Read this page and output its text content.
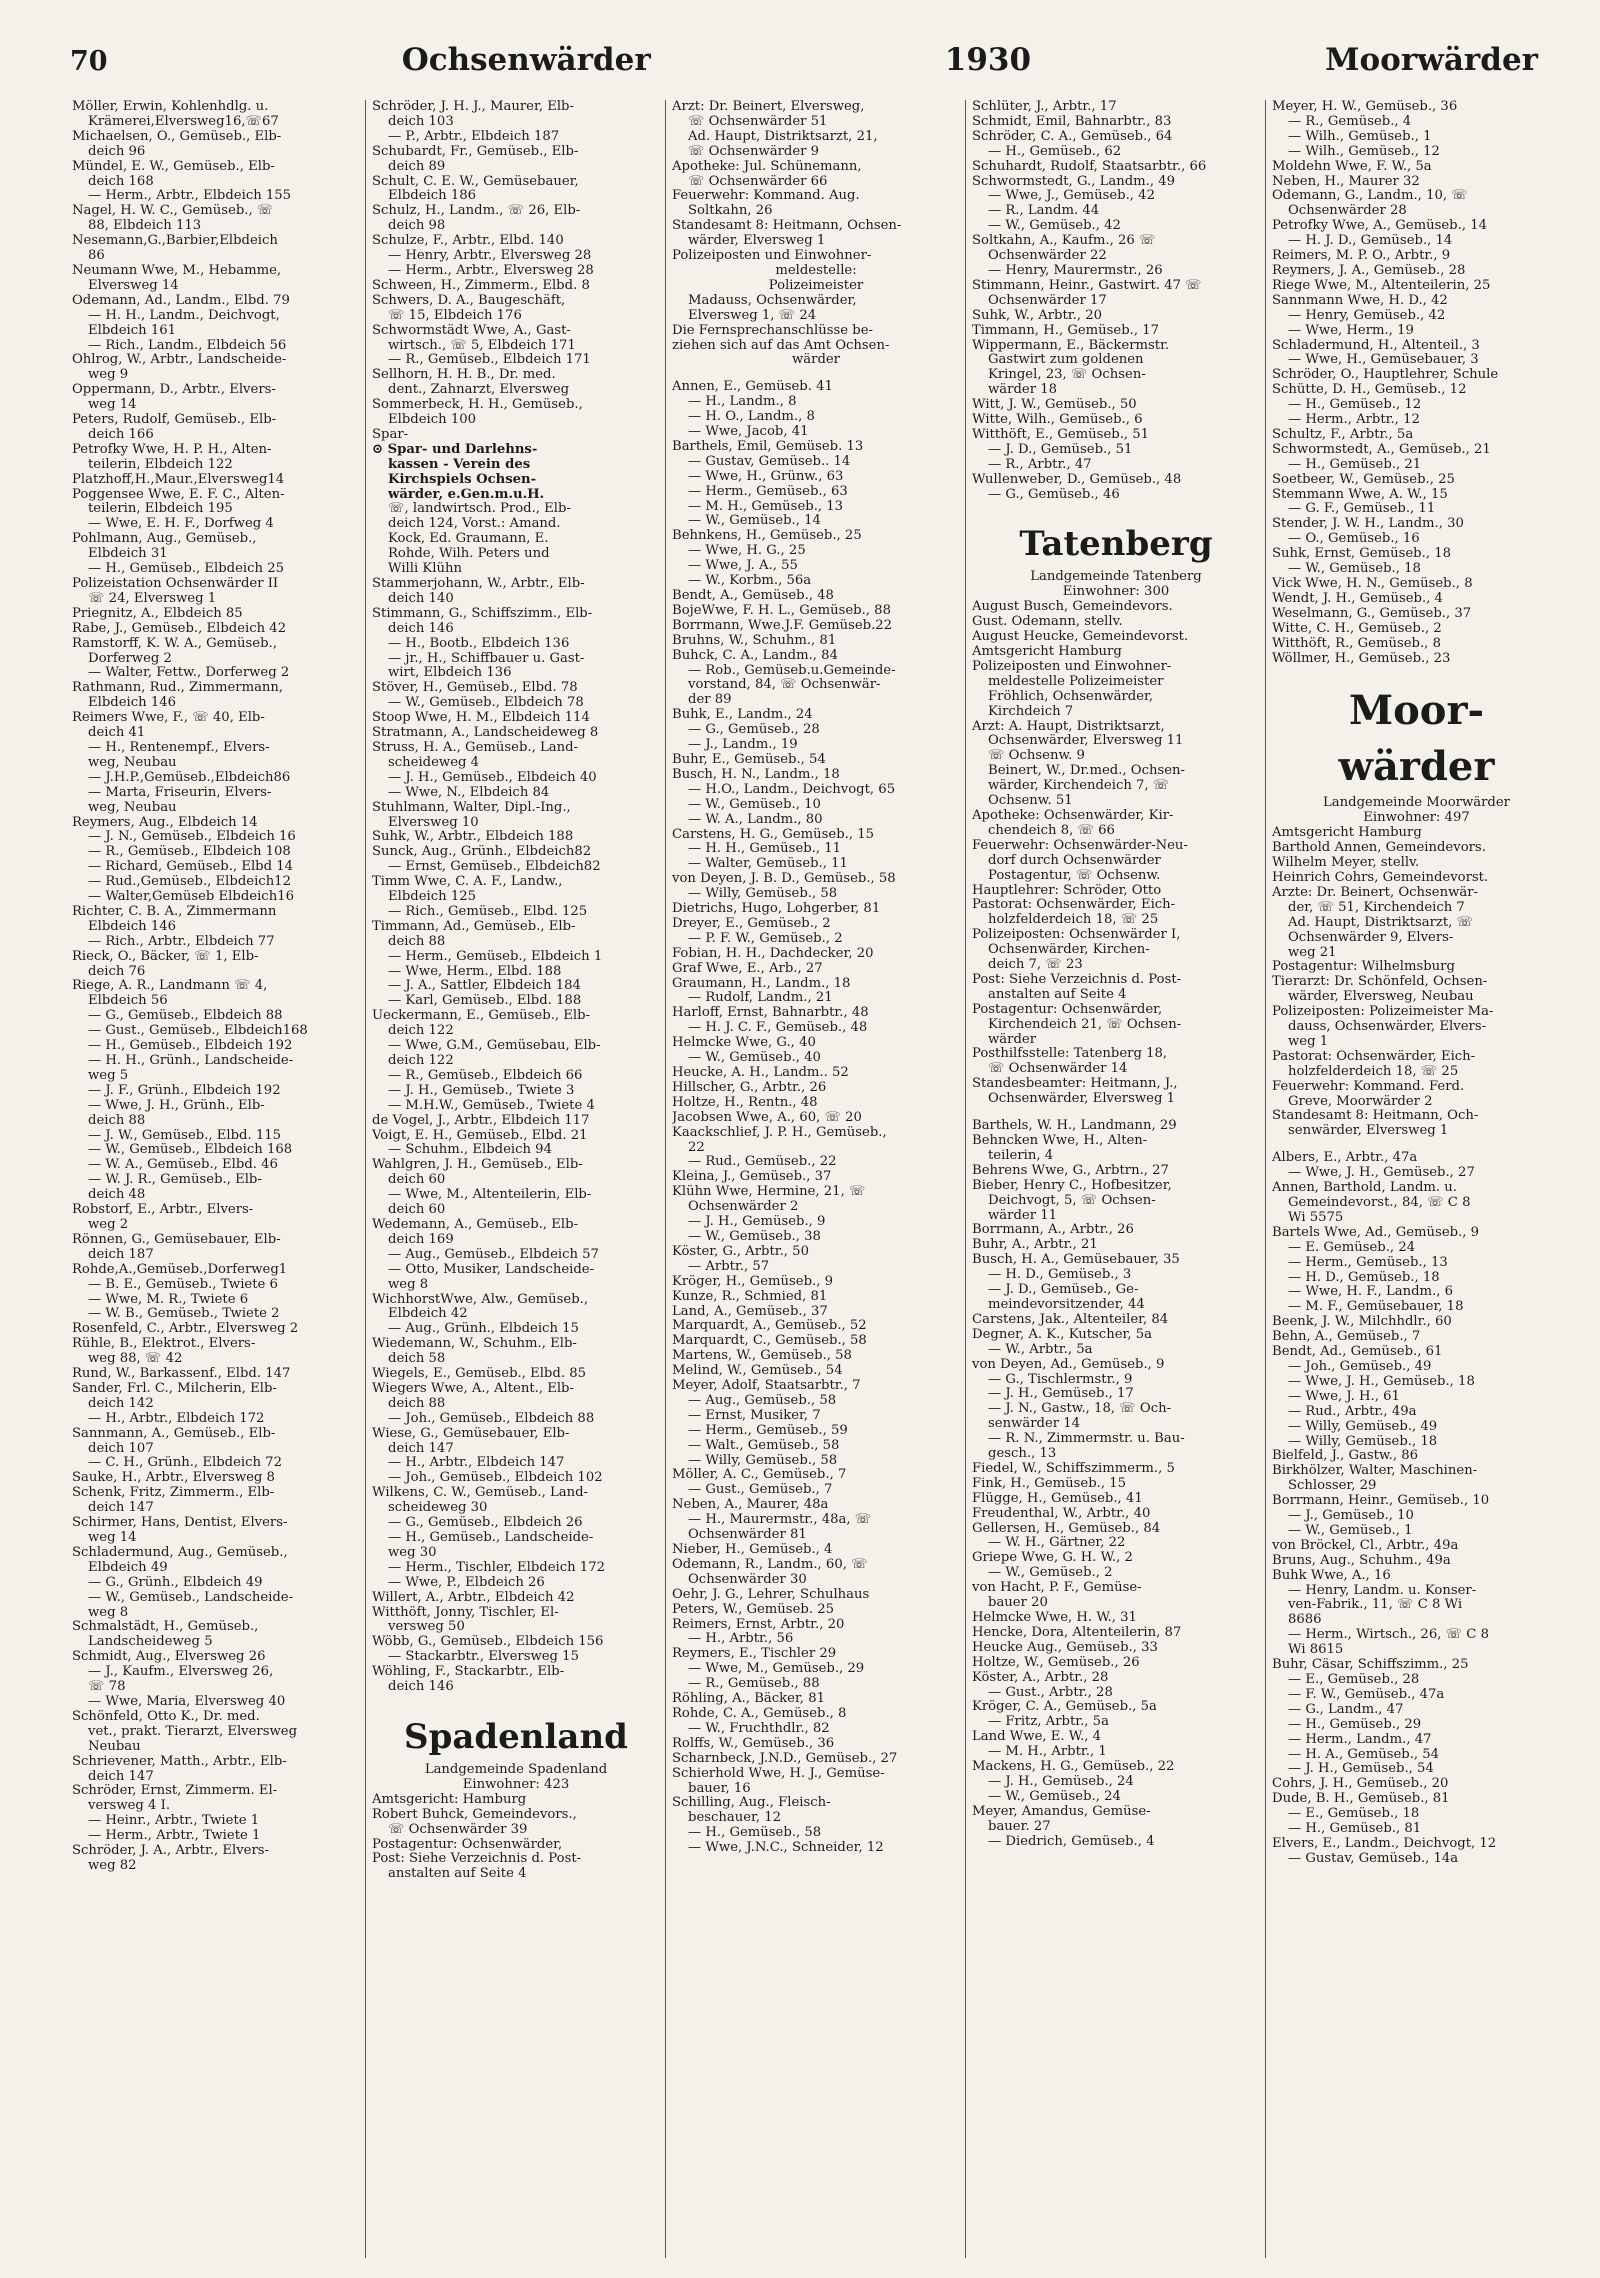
70	Ochsenwärder	1930	Moorwärder
Möller, Erwin, Kohlenhdlg. u.
Krämerei,Elversweg16,☏67
Michaelsen, O., Gemüseb., Elb-
deich 96
Mündel, E. W., Gemüseb., Elb-
deich 168
— Herm., Arbtr., Elbdeich 155
Nagel, H. W. C., Gemüseb., ☏
88, Elbdeich 113
Nesemann,G.,Barbier,Elbdeich
86
Neumann Wwe, M., Hebamme,
Elversweg 14
Odemann, Ad., Landm., Elbd. 79
— H. H., Landm., Deichvogt,
Elbdeich 161
— Rich., Landm., Elbdeich 56
Ohlrog, W., Arbtr., Landscheide-
weg 9
Oppermann, D., Arbtr., Elvers-
weg 14
Peters, Rudolf, Gemüseb., Elb-
deich 166
Petrofky Wwe, H. P. H., Alten-
teilerin, Elbdeich 122
Platzhoff,H.,Maur.,Elversweg14
Poggensee Wwe, E. F. C., Alten-
teilerin, Elbdeich 195
— Wwe, E. H. F., Dorfweg 4
Pohlmann, Aug., Gemüseb.,
Elbdeich 31
— H., Gemüseb., Elbdeich 25
Polizeistation Ochsenwärder II
☏ 24, Elversweg 1
Priegnitz, A., Elbdeich 85
Rabe, J., Gemüseb., Elbdeich 42
Ramstorff, K. W. A., Gemüseb.,
Dorferweg 2
— Walter, Fettw., Dorferweg 2
Rathmann, Rud., Zimmermann,
Elbdeich 146
Reimers Wwe, F., ☏ 40, Elb-
deich 41
— H., Rentenempf., Elvers-
weg, Neubau
— J.H.P.,Gemüseb.,Elbdeich86
— Marta, Friseurin, Elvers-
weg, Neubau
Reymers, Aug., Elbdeich 14
— J. N., Gemüseb., Elbdeich 16
— R., Gemüseb., Elbdeich 108
— Richard, Gemüseb., Elbd 14
— Rud.,Gemüseb., Elbdeich12
— Walter,Gemüseb Elbdeich16
Richter, C. B. A., Zimmermann
Elbdeich 146
— Rich., Arbtr., Elbdeich 77
Rieck, O., Bäcker, ☏ 1, Elb-
deich 76
Riege, A. R., Landmann ☏ 4,
Elbdeich 56
— G., Gemüseb., Elbdeich 88
— Gust., Gemüseb., Elbdeich168
— H., Gemüseb., Elbdeich 192
— H. H., Grünh., Landscheide-
weg 5
— J. F., Grünh., Elbdeich 192
— Wwe, J. H., Grünh., Elb-
deich 88
— J. W., Gemüseb., Elbd. 115
— W., Gemüseb., Elbdeich 168
— W. A., Gemüseb., Elbd. 46
— W. J. R., Gemüseb., Elb-
deich 48
Robstorf, E., Arbtr., Elvers-
weg 2
Rönnen, G., Gemüsebauer, Elb-
deich 187
Rohde,A.,Gemüseb.,Dorferweg1
— B. E., Gemüseb., Twiete 6
— Wwe, M. R., Twiete 6
— W. B., Gemüseb., Twiete 2
Rosenfeld, C., Arbtr., Elversweg 2
Rühle, B., Elektrot., Elvers-
weg 88, ☏ 42
Rund, W., Barkassenf., Elbd. 147
Sander, Frl. C., Milcherin, Elb-
deich 142
— H., Arbtr., Elbdeich 172
Sannmann, A., Gemüseb., Elb-
deich 107
— C. H., Grünh., Elbdeich 72
Sauke, H., Arbtr., Elversweg 8
Schenk, Fritz, Zimmerm., Elb-
deich 147
Schirmer, Hans, Dentist, Elvers-
weg 14
Schladermund, Aug., Gemüseb.,
Elbdeich 49
— G., Grünh., Elbdeich 49
— W., Gemüseb., Landscheide-
weg 8
Schmalstädt, H., Gemüseb.,
Landscheideweg 5
Schmidt, Aug., Elversweg 26
— J., Kaufm., Elversweg 26,
☏ 78
— Wwe, Maria, Elversweg 40
Schönfeld, Otto K., Dr. med.
vet., prakt. Tierarzt, Elversweg
Neubau
Schrievener, Matth., Arbtr., Elb-
deich 147
Schröder, Ernst, Zimmerm. El-
versweg 4 I.
— Heinr., Arbtr., Twiete 1
— Herm., Arbtr., Twiete 1
Schröder, J. A., Arbtr., Elvers-
weg 82
Schröder, J. H. J., Maurer, Elb-
deich 103
— P., Arbtr., Elbdeich 187
Schubardt, Fr., Gemüseb., Elb-
deich 89
Schult, C. E. W., Gemüsebauer,
Elbdeich 186
Schulz, H., Landm., ☏ 26, Elb-
deich 98
Schulze, F., Arbtr., Elbd. 140
— Henry, Arbtr., Elversweg 28
— Herm., Arbtr., Elversweg 28
Schween, H., Zimmerm., Elbd. 8
Schwers, D. A., Baugeschäft,
☏ 15, Elbdeich 176
Schwormstädt Wwe, A., Gast-
wirtsch., ☏ 5, Elbdeich 171
— R., Gemüseb., Elbdeich 171
Sellhorn, H. H. B., Dr. med.
dent., Zahnarzt, Elversweg
Sommerbeck, H. H., Gemüseb.,
Elbdeich 100
Spar-
⊙ Spar- und Darlehns-
kassen - Verein des
Kirchspiels Ochsen-
wärder, e.Gen.m.u.H.
☏, landwirtsch. Prod., Elb-
deich 124, Vorst.: Amand.
Kock, Ed. Graumann, E.
Rohde, Wilh. Peters und
Willi Klühn
Stammerjohann, W., Arbtr., Elb-
deich 140
Stimmann, G., Schiffszimm., Elb-
deich 146
— H., Bootb., Elbdeich 136
— jr., H., Schiffbauer u. Gast-
wirt, Elbdeich 136
Stöver, H., Gemüseb., Elbd. 78
— W., Gemüseb., Elbdeich 78
Stoop Wwe, H. M., Elbdeich 114
Stratmann, A., Landscheideweg 8
Struss, H. A., Gemüseb., Land-
scheideweg 4
— J. H., Gemüseb., Elbdeich 40
— Wwe, N., Elbdeich 84
Stuhlmann, Walter, Dipl.-Ing.,
Elversweg 10
Suhk, W., Arbtr., Elbdeich 188
Sunck, Aug., Grünh., Elbdeich82
— Ernst, Gemüseb., Elbdeich82
Timm Wwe, C. A. F., Landw.,
Elbdeich 125
— Rich., Gemüseb., Elbd. 125
Timmann, Ad., Gemüseb., Elb-
deich 88
— Herm., Gemüseb., Elbdeich 1
— Wwe, Herm., Elbd. 188
— J. A., Sattler, Elbdeich 184
— Karl, Gemüseb., Elbd. 188
Ueckermann, E., Gemüseb., Elb-
deich 122
— Wwe, G.M., Gemüsebau, Elb-
deich 122
— R., Gemüseb., Elbdeich 66
— J. H., Gemüseb., Twiete 3
— M.H.W., Gemüseb., Twiete 4
de Vogel, J., Arbtr., Elbdeich 117
Voigt, E. H., Gemüseb., Elbd. 21
— Schuhm., Elbdeich 94
Wahlgren, J. H., Gemüseb., Elb-
deich 60
— Wwe, M., Altenteilerin, Elb-
deich 60
Wedemann, A., Gemüseb., Elb-
deich 169
— Aug., Gemüseb., Elbdeich 57
— Otto, Musiker, Landscheide-
weg 8
WichhorstWwe, Alw., Gemüseb.,
Elbdeich 42
— Aug., Grünh., Elbdeich 15
Wiedemann, W., Schuhm., Elb-
deich 58
Wiegels, E., Gemüseb., Elbd. 85
Wiegers Wwe, A., Altent., Elb-
deich 88
— Joh., Gemüseb., Elbdeich 88
Wiese, G., Gemüsebauer, Elb-
deich 147
— H., Arbtr., Elbdeich 147
— Joh., Gemüseb., Elbdeich 102
Wilkens, C. W., Gemüseb., Land-
scheideweg 30
— G., Gemüseb., Elbdeich 26
— H., Gemüseb., Landscheide-
weg 30
— Herm., Tischler, Elbdeich 172
— Wwe, P., Elbdeich 26
Willert, A., Arbtr., Elbdeich 42
Witthöft, Jonny, Tischler, El-
versweg 50
Wöbb, G., Gemüseb., Elbdeich 156
— Stackarbtr., Elversweg 15
Wöhling, F., Stackarbtr., Elb-
deich 146
Spadenland
Landgemeinde Spadenland
Einwohner: 423
Amtsgericht: Hamburg
Robert Buhck, Gemeindevors.,
☏ Ochsenwärder 39
Postagentur: Ochsenwärder,
Post: Siehe Verzeichnis d. Post-
anstalten auf Seite 4
Arzt: Dr. Beinert, Elversweg,
☏ Ochsenwärder 51
Ad. Haupt, Distriktsarzt, 21,
☏ Ochsenwärder 9
Apotheke: Jul. Schünemann,
☏ Ochsenwärder 66
Feuerwehr: Kommand. Aug.
Soltkahn, 26
Standesamt 8: Heitmann, Ochsen-
wärder, Elversweg 1
Polizeiposten und Einwohner-
meldestelle:
Polizeimeister
Madauss, Ochsenwärder,
Elversweg 1, ☏ 24
Die Fernsprechanschlüsse be-
ziehen sich auf das Amt Ochsen-
wärder
Annen, E., Gemüseb. 41
— H., Landm., 8
— H. O., Landm., 8
— Wwe, Jacob, 41
Barthels, Emil, Gemüseb. 13
— Gustav, Gemüseb.. 14
— Wwe, H., Grünw., 63
— Herm., Gemüseb., 63
— M. H., Gemüseb., 13
— W., Gemüseb., 14
Behnkens, H., Gemüseb., 25
— Wwe, H. G., 25
— Wwe, J. A., 55
— W., Korbm., 56a
Bendt, A., Gemüseb., 48
BojeWwe, F. H. L., Gemüseb., 88
Borrmann, Wwe.J.F. Gemüseb.22
Bruhns, W., Schuhm., 81
Buhck, C. A., Landm., 84
— Rob., Gemüseb.u.Gemeinde-
vorstand, 84, ☏ Ochsenwär-
der 89
Buhk, E., Landm., 24
— G., Gemüseb., 28
— J., Landm., 19
Buhr, E., Gemüseb., 54
Busch, H. N., Landm., 18
— H.O., Landm., Deichvogt, 65
— W., Gemüseb., 10
— W. A., Landm., 80
Carstens, H. G., Gemüseb., 15
— H. H., Gemüseb., 11
— Walter, Gemüseb., 11
von Deyen, J. B. D., Gemüseb., 58
— Willy, Gemüseb., 58
Dietrichs, Hugo, Lohgerber, 81
Dreyer, E., Gemüseb., 2
— P. F. W., Gemüseb., 2
Fobian, H. H., Dachdecker, 20
Graf Wwe, E., Arb., 27
Graumann, H., Landm., 18
— Rudolf, Landm., 21
Harloff, Ernst, Bahnarbtr., 48
— H. J. C. F., Gemüseb., 48
Helmcke Wwe, G., 40
— W., Gemüseb., 40
Heucke, A. H., Landm.. 52
Hillscher, G., Arbtr., 26
Holtze, H., Rentn., 48
Jacobsen Wwe, A., 60, ☏ 20
Kaackschlief, J. P. H., Gemüseb.,
22
— Rud., Gemüseb., 22
Kleina, J., Gemüseb., 37
Klühn Wwe, Hermine, 21, ☏
Ochsenwärder 2
— J. H., Gemüseb., 9
— W., Gemüseb., 38
Köster, G., Arbtr., 50
— Arbtr., 57
Kröger, H., Gemüseb., 9
Kunze, R., Schmied, 81
Land, A., Gemüseb., 37
Marquardt, A., Gemüseb., 52
Marquardt, C., Gemüseb., 58
Martens, W., Gemüseb., 58
Melind, W., Gemüseb., 54
Meyer, Adolf, Staatsarbtr., 7
— Aug., Gemüseb., 58
— Ernst, Musiker, 7
— Herm., Gemüseb., 59
— Walt., Gemüseb., 58
— Willy, Gemüseb., 58
Möller, A. C., Gemüseb., 7
— Gust., Gemüseb., 7
Neben, A., Maurer, 48a
— H., Maurermstr., 48a, ☏
Ochsenwärder 81
Nieber, H., Gemüseb., 4
Odemann, R., Landm., 60, ☏
Ochsenwärder 30
Oehr, J. G., Lehrer, Schulhaus
Peters, W., Gemüseb. 25
Reimers, Ernst, Arbtr., 20
— H., Arbtr., 56
Reymers, E., Tischler 29
— Wwe, M., Gemüseb., 29
— R., Gemüseb., 88
Röhling, A., Bäcker, 81
Rohde, C. A., Gemüseb., 8
— W., Fruchthdlr., 82
Rolffs, W., Gemüseb., 36
Scharnbeck, J.N.D., Gemüseb., 27
Schierhold Wwe, H. J., Gemüse-
bauer, 16
Schilling, Aug., Fleisch-
beschauer, 12
— H., Gemüseb., 58
— Wwe, J.N.C., Schneider, 12
Schlüter, J., Arbtr., 17
Schmidt, Emil, Bahnarbtr., 83
Schröder, C. A., Gemüseb., 64
— H., Gemüseb., 62
Schuhardt, Rudolf, Staatsarbtr., 66
Schwormstedt, G., Landm., 49
— Wwe, J., Gemüseb., 42
— R., Landm. 44
— W., Gemüseb., 42
Soltkahn, A., Kaufm., 26 ☏
Ochsenwärder 22
— Henry, Maurermstr., 26
Stimmann, Heinr., Gastwirt. 47 ☏
Ochsenwärder 17
Suhk, W., Arbtr., 20
Timmann, H., Gemüseb., 17
Wippermann, E., Bäckermstr.
Gastwirt zum goldenen
Kringel, 23, ☏ Ochsen-
wärder 18
Witt, J. W., Gemüseb., 50
Witte, Wilh., Gemüseb., 6
Witthöft, E., Gemüseb., 51
— J. D., Gemüseb., 51
— R., Arbtr., 47
Wullenweber, D., Gemüseb., 48
— G., Gemüseb., 46
Tatenberg
Landgemeinde Tatenberg
Einwohner: 300
August Busch, Gemeindevors.
Gust. Odemann, stellv.
August Heucke, Gemeindevorst.
Amtsgericht Hamburg
Polizeiposten und Einwohner-
meldestelle Polizeimeister
Fröhlich, Ochsenwärder,
Kirchdeich 7
Arzt: A. Haupt, Distriktsarzt,
Ochsenwärder, Elversweg 11
☏ Ochsenw. 9
Beinert, W., Dr.med., Ochsen-
wärder, Kirchendeich 7, ☏
Ochsenw. 51
Apotheke: Ochsenwärder, Kir-
chendeich 8, ☏ 66
Feuerwehr: Ochsenwärder-Neu-
dorf durch Ochsenwärder
Postagentur, ☏ Ochsenw.
Hauptlehrer: Schröder, Otto
Pastorat: Ochsenwärder, Eich-
holzfelderdeich 18, ☏ 25
Polizeiposten: Ochsenwärder I,
Ochsenwärder, Kirchen-
deich 7, ☏ 23
Post: Siehe Verzeichnis d. Post-
anstalten auf Seite 4
Postagentur: Ochsenwärder,
Kirchendeich 21, ☏ Ochsen-
wärder
Posthilfsstelle: Tatenberg 18,
☏ Ochsenwärder 14
Standesbeamter: Heitmann, J.,
Ochsenwärder, Elversweg 1
Barthels, W. H., Landmann, 29
Behncken Wwe, H., Alten-
teilerin, 4
Behrens Wwe, G., Arbtrn., 27
Bieber, Henry C., Hofbesitzer,
Deichvogt, 5, ☏ Ochsen-
wärder 11
Borrmann, A., Arbtr., 26
Buhr, A., Arbtr., 21
Busch, H. A., Gemüsebauer, 35
— H. D., Gemüseb., 3
— J. D., Gemüseb., Ge-
meindevorsitzender, 44
Carstens, Jak., Altenteiler, 84
Degner, A. K., Kutscher, 5a
— W., Arbtr., 5a
von Deyen, Ad., Gemüseb., 9
— G., Tischlermstr., 9
— J. H., Gemüseb., 17
— J. N., Gastw., 18, ☏ Och-
senwärder 14
— R. N., Zimmermstr. u. Bau-
gesch., 13
Fiedel, W., Schiffszimmerm., 5
Fink, H., Gemüseb., 15
Flügge, H., Gemüseb., 41
Freudenthal, W., Arbtr., 40
Gellersen, H., Gemüseb., 84
— W. H., Gärtner, 22
Griepe Wwe, G. H. W., 2
— W., Gemüseb., 2
von Hacht, P. F., Gemüse-
bauer 20
Helmcke Wwe, H. W., 31
Hencke, Dora, Altenteilerin, 87
Heucke Aug., Gemüseb., 33
Holtze, W., Gemüseb., 26
Köster, A., Arbtr., 28
— Gust., Arbtr., 28
Kröger, C. A., Gemüseb., 5a
— Fritz, Arbtr., 5a
Land Wwe, E. W., 4
— M. H., Arbtr., 1
Mackens, H. G., Gemüseb., 22
— J. H., Gemüseb., 24
— W., Gemüseb., 24
Meyer, Amandus, Gemüse-
bauer. 27
— Diedrich, Gemüseb., 4
Meyer, H. W., Gemüseb., 36
— R., Gemüseb., 4
— Wilh., Gemüseb., 1
— Wilh., Gemüseb., 12
Moldehn Wwe, F. W., 5a
Neben, H., Maurer 32
Odemann, G., Landm., 10, ☏
Ochsenwärder 28
Petrofky Wwe, A., Gemüseb., 14
— H. J. D., Gemüseb., 14
Reimers, M. P. O., Arbtr., 9
Reymers, J. A., Gemüseb., 28
Riege Wwe, M., Altenteilerin, 25
Sannmann Wwe, H. D., 42
— Henry, Gemüseb., 42
— Wwe, Herm., 19
Schladermund, H., Altenteil., 3
— Wwe, H., Gemüsebauer, 3
Schröder, O., Hauptlehrer, Schule
Schütte, D. H., Gemüseb., 12
— H., Gemüseb., 12
— Herm., Arbtr., 12
Schultz, F., Arbtr., 5a
Schwormstedt, A., Gemüseb., 21
— H., Gemüseb., 21
Soetbeer, W., Gemüseb., 25
Stemmann Wwe, A. W., 15
— G. F., Gemüseb., 11
Stender, J. W. H., Landm., 30
— O., Gemüseb., 16
Suhk, Ernst, Gemüseb., 18
— W., Gemüseb., 18
Vick Wwe, H. N., Gemüseb., 8
Wendt, J. H., Gemüseb., 4
Weselmann, G., Gemüseb., 37
Witte, C. H., Gemüseb., 2
Witthöft, R., Gemüseb., 8
Wöllmer, H., Gemüseb., 23
Moor-
wärder
Landgemeinde Moorwärder
Einwohner: 497
Amtsgericht Hamburg
Barthold Annen, Gemeindevors.
Wilhelm Meyer, stellv.
Heinrich Cohrs, Gemeindevorst.
Ärzte: Dr. Beinert, Ochsenwär-
der, ☏ 51, Kirchendeich 7
Ad. Haupt, Distriktsarzt, ☏
Ochsenwärder 9, Elvers-
weg 21
Postagentur: Wilhelmsburg
Tierarzt: Dr. Schönfeld, Ochsen-
wärder, Elversweg, Neubau
Polizeiposten: Polizeimeister Ma-
dauss, Ochsenwärder, Elvers-
weg 1
Pastorat: Ochsenwärder, Eich-
holzfelderdeich 18, ☏ 25
Feuerwehr: Kommand. Ferd.
Greve, Moorwärder 2
Standesamt 8: Heitmann, Och-
senwärder, Elversweg 1
Albers, E., Arbtr., 47a
— Wwe, J. H., Gemüseb., 27
Annen, Barthold, Landm. u.
Gemeindevorst., 84, ☏ C 8
Wi 5575
Bartels Wwe, Ad., Gemüseb., 9
— E. Gemüseb., 24
— Herm., Gemüseb., 13
— H. D., Gemüseb., 18
— Wwe, H. F., Landm., 6
— M. F., Gemüsebauer, 18
Beenk, J. W., Milchhdlr., 60
Behn, A., Gemüseb., 7
Bendt, Ad., Gemüseb., 61
— Joh., Gemüseb., 49
— Wwe, J. H., Gemüseb., 18
— Wwe, J. H., 61
— Rud., Arbtr., 49a
— Willy, Gemüseb., 49
— Willy, Gemüseb., 18
Bielfeld, J., Gastw., 86
Birkhölzer, Walter, Maschinen-
Schlosser, 29
Borrmann, Heinr., Gemüseb., 10
— J., Gemüseb., 10
— W., Gemüseb., 1
von Bröckel, Cl., Arbtr., 49a
Bruns, Aug., Schuhm., 49a
Buhk Wwe, A., 16
— Henry, Landm. u. Konser-
ven-Fabrik., 11, ☏ C 8 Wi
8686
— Herm., Wirtsch., 26, ☏ C 8
Wi 8615
Buhr, Cäsar, Schiffszimm., 25
— E., Gemüseb., 28
— F. W., Gemüseb., 47a
— G., Landm., 47
— H., Gemüseb., 29
— Herm., Landm., 47
— H. A., Gemüseb., 54
— J. H., Gemüseb., 54
Cohrs, J. H., Gemüseb., 20
Dude, B. H., Gemüseb., 81
— E., Gemüseb., 18
— H., Gemüseb., 81
Elvers, E., Landm., Deichvogt, 12
— Gustav, Gemüseb., 14a
